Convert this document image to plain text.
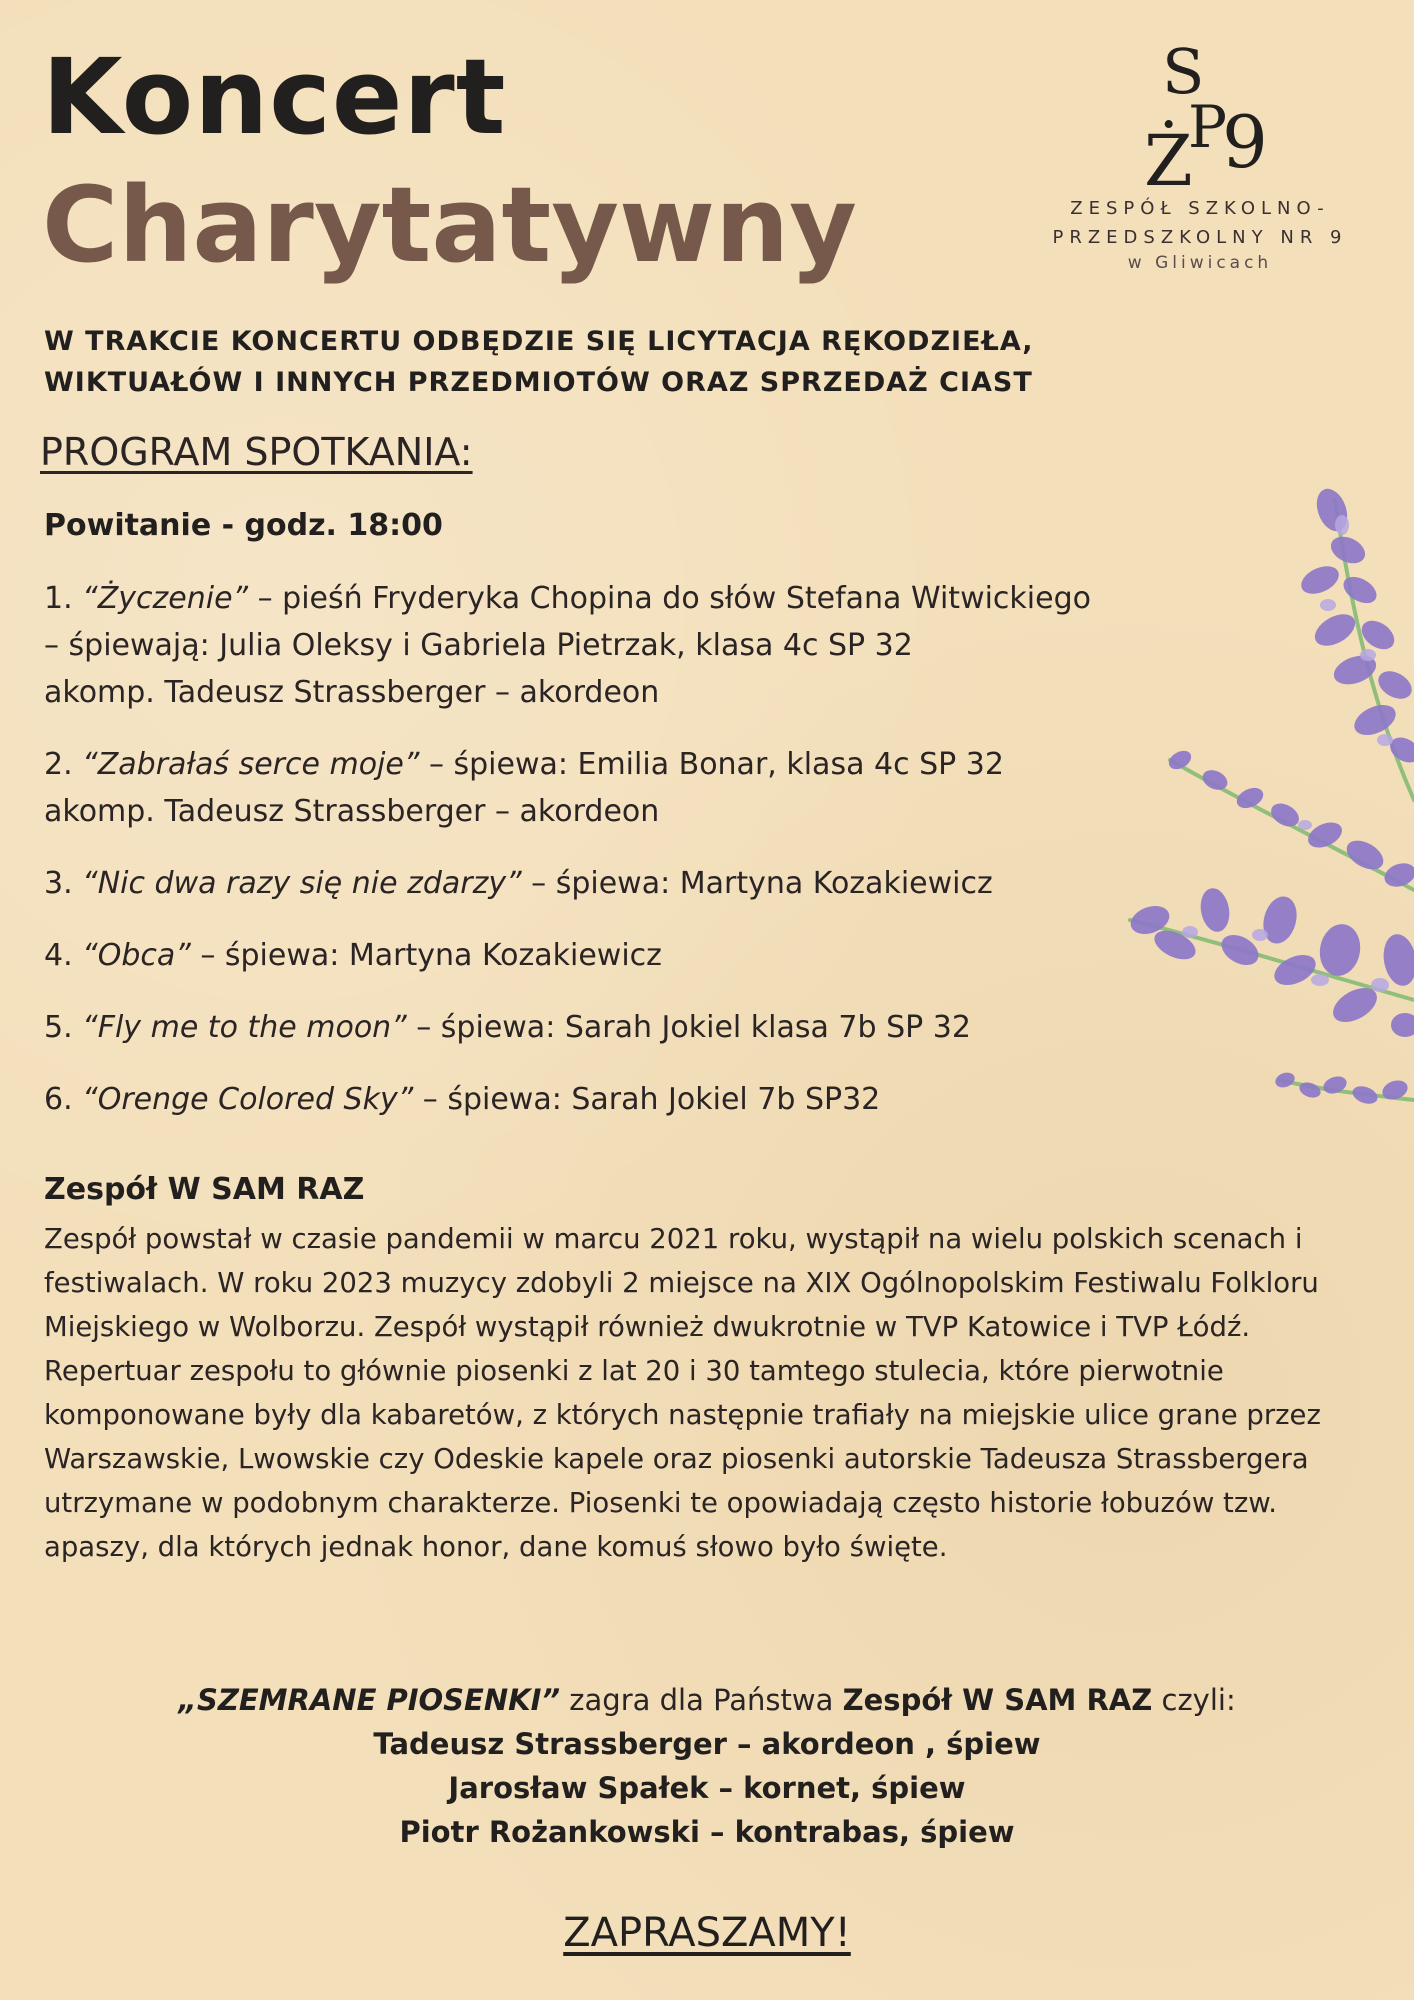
Koncert
Charytatywny
S
Ż
P
9
ZESPÓŁ SZKOLNO-
PRZEDSZKOLNY NR 9
w Gliwicach

W TRAKCIE KONCERTU ODBĘDZIE SIĘ LICYTACJA RĘKODZIEŁA,
WIKTUAŁÓW I INNYCH PRZEDMIOTÓW ORAZ SPRZEDAŻ CIAST

PROGRAM SPOTKANIA:

Powitanie - godz. 18:00

1. “Życzenie” – pieśń Fryderyka Chopina do słów Stefana Witwickiego
– śpiewają: Julia Oleksy i Gabriela Pietrzak, klasa 4c SP 32
akomp. Tadeusz Strassberger – akordeon
2. “Zabrałaś serce moje” – śpiewa: Emilia Bonar, klasa 4c SP 32
akomp. Tadeusz Strassberger – akordeon
3. “Nic dwa razy się nie zdarzy” – śpiewa: Martyna Kozakiewicz
4. “Obca” – śpiewa: Martyna Kozakiewicz
5. “Fly me to the moon” – śpiewa: Sarah Jokiel klasa 7b SP 32
6. “Orenge Colored Sky” – śpiewa: Sarah Jokiel 7b SP32

Zespół W SAM RAZ

Zespół powstał w czasie pandemii w marcu 2021 roku, wystąpił na wielu polskich scenach i festiwalach. W roku 2023 muzycy zdobyli 2 miejsce na XIX Ogólnopolskim Festiwalu Folkloru Miejskiego w Wolborzu. Zespół wystąpił również dwukrotnie w TVP Katowice i TVP Łódź. Repertuar zespołu to głównie piosenki z lat 20 i 30 tamtego stulecia, które pierwotnie komponowane były dla kabaretów, z których następnie trafiały na miejskie ulice grane przez Warszawskie, Lwowskie czy Odeskie kapele oraz piosenki autorskie Tadeusza Strassbergera utrzymane w podobnym charakterze. Piosenki te opowiadają często historie łobuzów tzw. apaszy, dla których jednak honor, dane komuś słowo było święte.

„SZEMRANE PIOSENKI” zagra dla Państwa Zespół W SAM RAZ czyli:
Tadeusz Strassberger – akordeon , śpiew
Jarosław Spałek – kornet, śpiew
Piotr Rożankowski – kontrabas, śpiew
ZAPRASZAMY!
